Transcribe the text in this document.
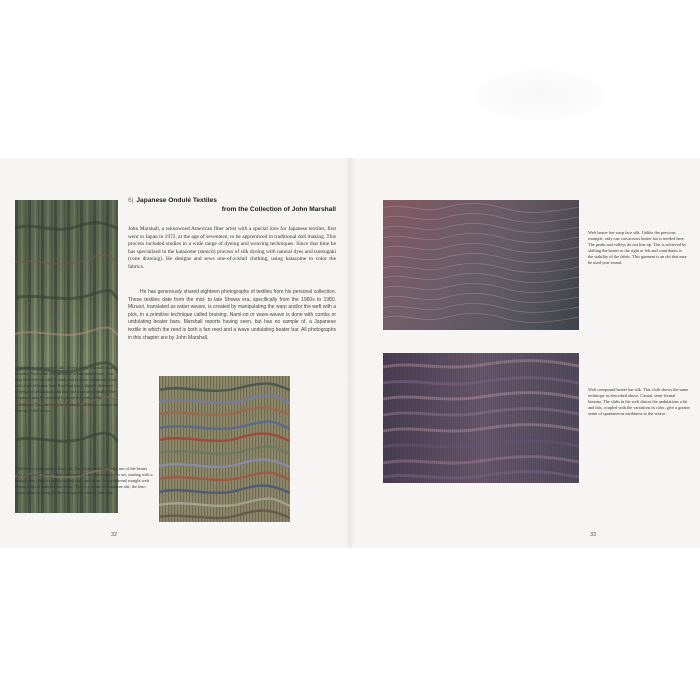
6| Japanese Ondulé Textiles
from the Collection of John Marshall

John Marshall, a reknowned American fiber artist with a special love for Japanese textiles, first went to Japan in 1972, at the age of seventeen, to be apprenticed in traditional doll making. This process included studies in a wide range of dyeing and weaving techniques. Since that time he has specialized in the katazome (stencil) process of silk dyeing with natural dyes and tsutsugaki (cone drawing). He designs and sews one-of-a-kind clothing, using katazome to color the fabrics.

He has generously shared eighteen photographs of textiles from his personal collection. These textiles date from the mid- to late Showa era, specifically from the 1960s to 1980. Mizuori, translated as water weave, is created by manipulating the warp and/or the weft with a pick, in a primitive technique called bruising. Nami-ori or wave-weave is done with combs or undulating beater bars. Marshall reports having seen, but has no sample of, a Japanese textile in which the reed is both a fan reed and a wave undulating beater bar. All photographs in this chapter are by John Marshall.

Weft beater manipulated silk. A very fancy, but still casual kimono. Notice the eccentricities in the undulations. This may be achieved with a comb, but is more commonly done with a set of beater bars. Each bar has a slightly different severity of undulation, and they are used sequentially. The sequence may be reversed to move the peak of the undulation. The bars may be gradually shifted to change the line-up of the waves.

Weft beater manipulated bast silk. This is an example of the use of the beater bars described above. There only needs to be five bars in this set, starting with a straight one, then a slightly curved one, and so on. An occasional straight weft thread helps to stabilize the fabric. This is a detail of a summer obi; the leno weave helps to keep the threads spaced without beaming.

32

Weft beater bar warp face silk. Unlike the previous example, only one curvaceous beater bar is needed here. The peaks and valleys do not line up. This is achieved by shifting the beater to the right or left and contributes to the stability of the fabric. This garment is an obi that may be used year-round.

Weft compound beater bar silk. This cloth shows the same technique as described above. Casual, semi-formal kimono. The slubs in the weft distort the undulations a bit and this, coupled with the variations in color, give a greater sense of spontaneous earthiness to the weave.

33
